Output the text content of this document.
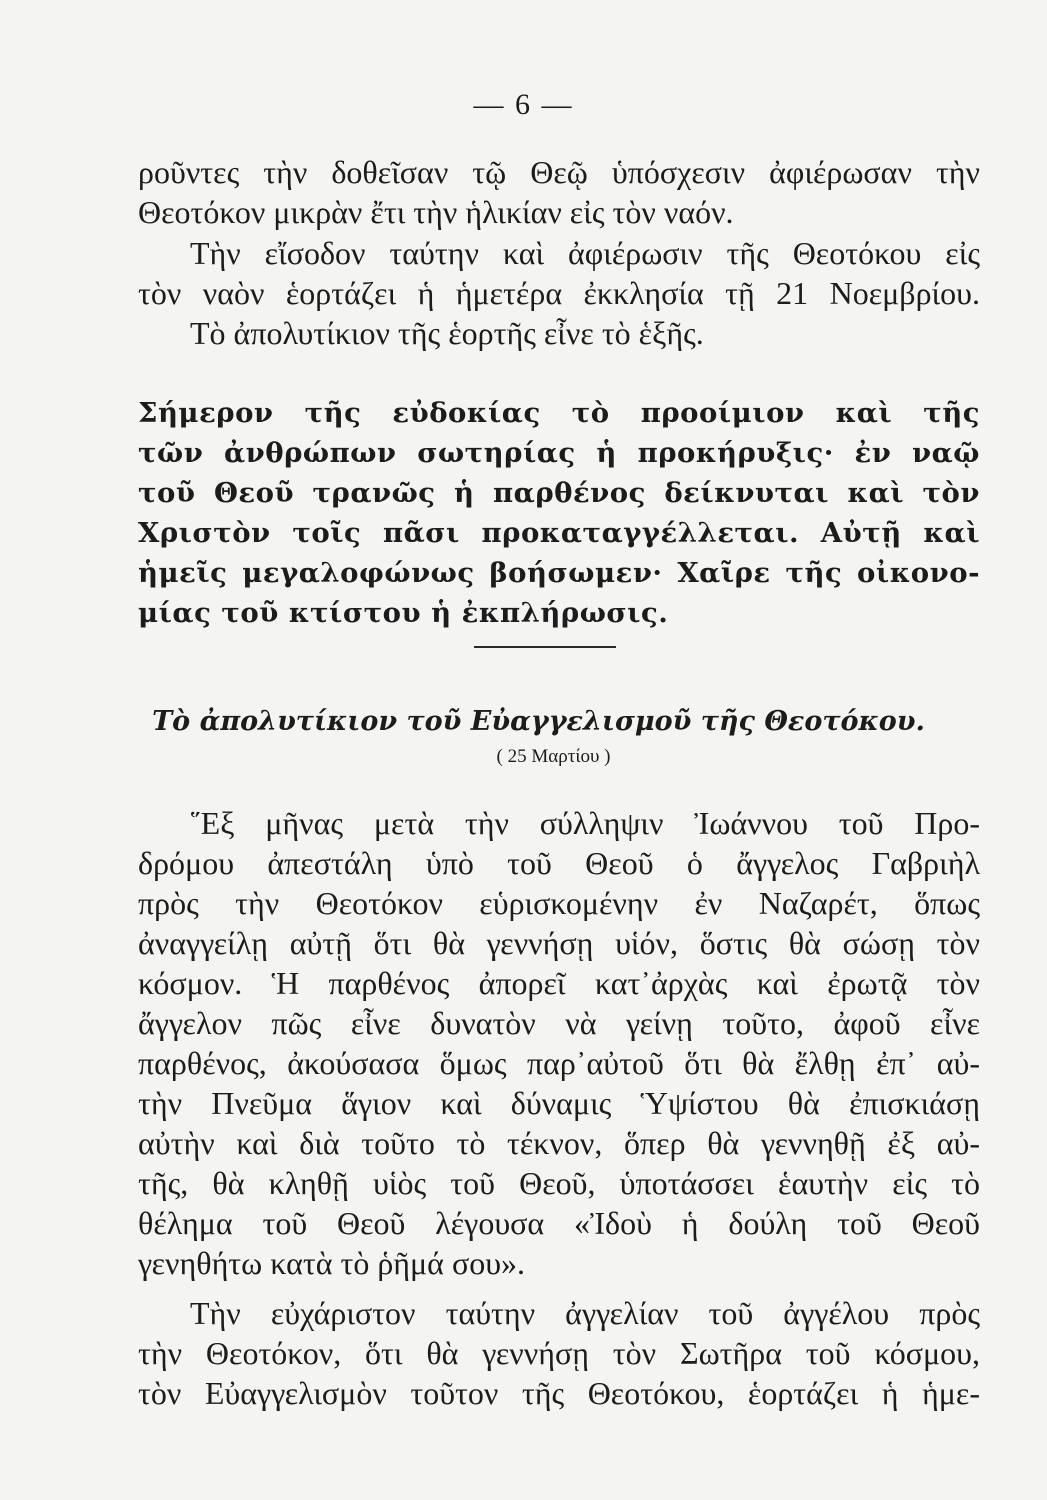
— 6 —
ροῦντες τὴν δοθεῖσαν τῷ Θεῷ ὑπόσχεσιν ἀφιέρωσαν τὴν
Θεοτόκον μικρὰν ἔτι τὴν ἡλικίαν εἰς τὸν ναόν.
Τὴν εἴσοδον ταύτην καὶ ἀφιέρωσιν τῆς Θεοτόκου εἰς
τὸν ναὸν ἑορτάζει ἡ ἡμετέρα ἐκκλησία τῇ 21 Νοεμβρίου.
Τὸ ἀπολυτίκιον τῆς ἑορτῆς εἶνε τὸ ἑξῆς.
Σήμερον τῆς εὐδοκίας τὸ προοίμιον καὶ τῆς
τῶν ἀνθρώπων σωτηρίας ἡ προκήρυξις· ἐν ναῷ
τοῦ Θεοῦ τρανῶς ἡ παρθένος δείκνυται καὶ τὸν
Χριστὸν τοῖς πᾶσι προκαταγγέλλεται. Αὐτῇ καὶ
ἡμεῖς μεγαλοφώνως βοήσωμεν· Χαῖρε τῆς οἰκονο-
μίας τοῦ κτίστου ἡ ἐκπλήρωσις.
Τὸ ἀπολυτίκιον τοῦ Εὐαγγελισμοῦ τῆς Θεοτόκου.
( 25 Μαρτίου )
῞Εξ μῆνας μετὰ τὴν σύλληψιν Ἰωάννου τοῦ Προ-
δρόμου ἀπεστάλη ὑπὸ τοῦ Θεοῦ ὁ ἄγγελος Γαβριὴλ
πρὸς τὴν Θεοτόκον εὑρισκομένην ἐν Ναζαρέτ, ὅπως
ἀναγγείλῃ αὐτῇ ὅτι θὰ γεννήσῃ υἱόν, ὅστις θὰ σώσῃ τὸν
κόσμον. Ἡ παρθένος ἀπορεῖ κατ᾽ἀρχὰς καὶ ἐρωτᾷ τὸν
ἄγγελον πῶς εἶνε δυνατὸν νὰ γείνῃ τοῦτο, ἀφοῦ εἶνε
παρθένος, ἀκούσασα ὅμως παρ᾽αὐτοῦ ὅτι θὰ ἔλθῃ ἐπ᾽ αὐ-
τὴν Πνεῦμα ἅγιον καὶ δύναμις Ὑψίστου θὰ ἐπισκιάσῃ
αὐτὴν καὶ διὰ τοῦτο τὸ τέκνον, ὅπερ θὰ γεννηθῇ ἐξ αὐ-
τῆς, θὰ κληθῇ υἱὸς τοῦ Θεοῦ, ὑποτάσσει ἑαυτὴν εἰς τὸ
θέλημα τοῦ Θεοῦ λέγουσα «Ἰδοὺ ἡ δούλη τοῦ Θεοῦ
γενηθήτω κατὰ τὸ ῥῆμά σου».
Τὴν εὐχάριστον ταύτην ἀγγελίαν τοῦ ἀγγέλου πρὸς
τὴν Θεοτόκον, ὅτι θὰ γεννήσῃ τὸν Σωτῆρα τοῦ κόσμου,
τὸν Εὐαγγελισμὸν τοῦτον τῆς Θεοτόκου, ἑορτάζει ἡ ἡμε-
